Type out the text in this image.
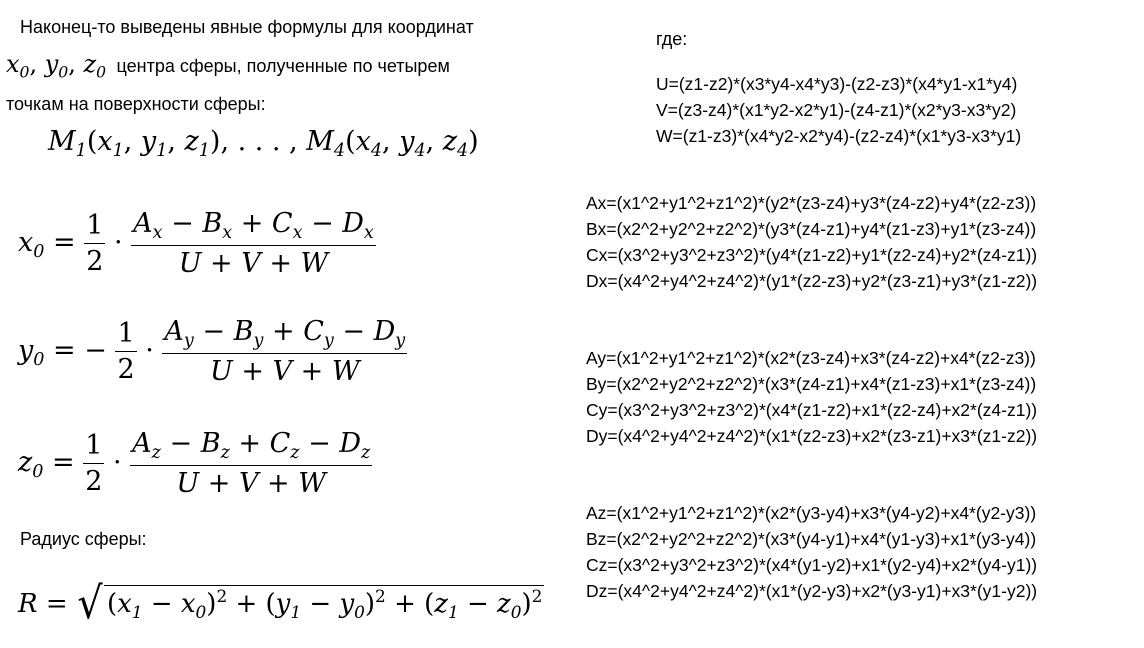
Наконец-то выведены явные формулы для координат
$x_0$, $y_0$, $z_0$ центра сферы, полученные по четырем
точкам на поверхности сферы:
$M_1(x_1$, $y_1$, $z_1$), . . . , $M_4(x_4$, $y_4$, $z_4$)
$x_0 = \frac{1}{2} \cdot \frac{A_x - B_x + C_x - D_x}{U + V + W}$
$y_0$ = − $\frac{1}{2} \cdot \frac{A_y - B_y + C_y - D_y}{U + V + W}$
$z_0 = \frac{1}{2} \cdot \frac{A_z - B_z + C_z - D_z}{U + V + W}$
Радиус сферы:
R = √ $(x_1 - x_0)^2 + (y_1 - y_0)^2 + (z_1 - z_0)^2$
где:
U=(z1-z2)*(x3*y4-x4*y3)-(z2-z3)*(x4*y1-x1*y4)
V=(z3-z4)*(x1*y2-x2*y1)-(z4-z1)*(x2*y3-x3*y2)
W=(z1-z3)*(x4*y2-x2*y4)-(z2-z4)*(x1*y3-x3*y1)
Ax=(x1^2+y1^2+z1^2)*(y2*(z3-z4)+y3*(z4-z2)+y4*(z2-z3))
Bx=(x2^2+y2^2+z2^2)*(y3*(z4-z1)+y4*(z1-z3)+y1*(z3-z4))
Cx=(x3^2+y3^2+z3^2)*(y4*(z1-z2)+y1*(z2-z4)+y2*(z4-z1))
Dx=(x4^2+y4^2+z4^2)*(y1*(z2-z3)+y2*(z3-z1)+y3*(z1-z2))
Ay=(x1^2+y1^2+z1^2)*(x2*(z3-z4)+x3*(z4-z2)+x4*(z2-z3))
By=(x2^2+y2^2+z2^2)*(x3*(z4-z1)+x4*(z1-z3)+x1*(z3-z4))
Cy=(x3^2+y3^2+z3^2)*(x4*(z1-z2)+x1*(z2-z4)+x2*(z4-z1))
Dy=(x4^2+y4^2+z4^2)*(x1*(z2-z3)+x2*(z3-z1)+x3*(z1-z2))
Az=(x1^2+y1^2+z1^2)*(x2*(y3-y4)+x3*(y4-y2)+x4*(y2-y3))
Bz=(x2^2+y2^2+z2^2)*(x3*(y4-y1)+x4*(y1-y3)+x1*(y3-y4))
Cz=(x3^2+y3^2+z3^2)*(x4*(y1-y2)+x1*(y2-y4)+x2*(y4-y1))
Dz=(x4^2+y4^2+z4^2)*(x1*(y2-y3)+x2*(y3-y1)+x3*(y1-y2))
